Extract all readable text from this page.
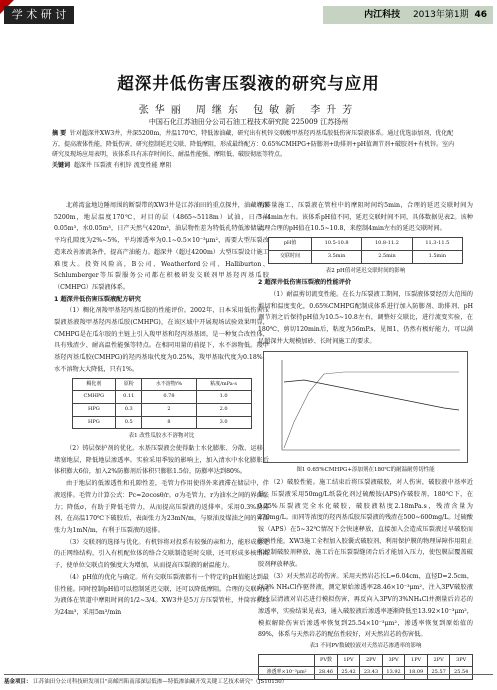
学 术 研 讨	内江科技 2013年第1期 46
超深井低伤害压裂液的研究与应用
张华丽 周继东 包敏新 李升芳
中国石化江苏油田分公司石油工程技术研究院 225009 江苏扬州
摘 要 针对超深井XW3井，井深5200m，井温170℃，特低渗油藏，研究出有机锌交联酸甲基羟丙基瓜胶低伤害压裂液体系。通过优选添加剂，优化配方，提高液体性能，降低伤害，研究控制延迟交联、降低摩阻，形成最终配方：0.65%CMHPG+防膨剂+助排剂+pH值调节剂+破胶剂+有机锌。室内研究及现场应用表明，该体系具有冻存时间长、耐温性能强、摩阻低、破胶彻底等特点。
关键词 超深井 压裂液 有机锌 流变性能 摩阻

北蒋湾盆地边陲周围的断裂带的XW3井是江苏油田的重点探井，油藏埋深5200m，地层温度170℃，对目的层（4865~5118m）试油，日产油0.05m³，水0.05m³，日产天然气420m³，油层物性差为特低孔特低渗储层，平均孔隙度为2%~5%，平均渗透率为0.1~0.5×10⁻³μm²，需要大型压裂改造来改善渗流条件，提高产油能力。超深井（超过4200m）大型压裂设计施工难度大。投资风险高，B公司、Weatherford公司、Halliburton、Schlumberger等压裂服务公司都在积极研发交联剂甲基羟丙基瓜胶（CMHPG）压裂液体系。

1 超深井低伤害压裂液配方研究

（1）稠化剂羧甲基羟丙基瓜胶的性能评价。2002年，日本采用低伤害压裂液基液羧甲基羟丙基瓜胶(CMHPG)，在该区域中开展现场试验效果明显，CMHPG是在瓜尔胶的主链上引入羧甲基和羟丙基基团，是一种复合改性体，具有残渣少、耐高温性能强等特点。在相同用量的前提下，水不溶物低。羧甲基羟丙基瓜胶(CMHPG)的羟丙基取代度为0.25%，羧甲基取代度为0.18%，水不溶物大大降低，只有1%。

稠化剂	原粉	水不溶物/%	粘度/mPa·s
CMHPG	0.11	0.78	1.0
HPG	0.3	2	2.0
HPG	0.5	8	3.0

表1 改性瓜胶水不溶物对比

（2）铸层保护剂的优化。水基压裂液会使得黏土水化膨胀、分散、运移，堵塞地层，降低地层渗透率。实验采用季铵的影响上，加入清水中水化膨胀后体积膨大6倍，加入2%防膨剂后体积只膨胀1.5倍，防膨率达到80%。

由于地层的低渗透性和孔隙性差，毛管力作用使得外来液滞在储层中，伴液返排。毛管力计算公式：Pc=2σcosθ/r。σ为毛管力，r为油水之间的界面张力；降低σ，有助于降低毛管力，从而提高压裂液的返排率。采用0.3%助排剂，在高温170℃下破胶后，表面张力为23mN/m，与原油及煤油之间的界面张力为1mN/m，有利于压裂液的返排。

（3）交联剂的选择与优化。有机锌将对投系有较强的亲和力，能形成稳定的正网络结构，引入有机配位体的络合交联制造延时交联，还可形成多核络离子，使单位交联点的强度大为增加，从而提高压裂液的耐温能力。

（4）pH值的优化与确定。所有交联压裂液都有一个特定的pH值能达到最佳性能。同时控制pH值可以控制延迟交联，还可以降低摩阻。合理的交联时间为液体在管道中摩阻时间的1/2~3/4。XW3井是5万方压裂管柱，井筒容积约为24m³，采用5m³/min

的排量施工，压裂液在管柱中的摩阻时间约5min，合理的延迟交联时间为3~4min左右。该体系pH值不同，延迟交联时间不同，具体数据见表2。该种清理合理的pH值在10.5~10.8，来控制4min左右的延迟交联时间。

pH值	10.5-10.8	10.8-11.2	11.3-11.5
交联时间	3.5min	2.5min	1.5min

表2 pH值对延迟交联时间的影响

2 超深井低伤害压裂液的性能评价

（1）耐温剪切流变性能。在长力压裂液工期间，压裂液体要经历大范围的剪切和温度变化，0.65%CMHPG配制成体系进行加入防膨剂、助排剂、pH调节剂之后保持pH值为10.5~10.8左右，调整好交联比，进行流变实验，在180℃，剪切120min后，粘度为56mP.s，见图1，仍然有极好能力，可以满足超深井大规模加砂、长时间施工的要求。

图1 0.65%CMHPG+添加剂在180℃的耐温耐剪切性能

（2）破胶性能。施工结束后将压裂液破胶，对人伤害，破胶液中基率近低，压裂液采用50mg/L纸袋化剂过硫酸铵(APS)作破胶剂，180℃下，在0.25%压裂液完全水化破胶，破胶液粘度2.18mPa.s，残渣含量为270mg/L。而同等浓度的羟丙基瓜胶压裂液的残渣在500~600mg/L。过硫酸铵（APS）在5~32℃情况下会快速释放，直接加入会造成压裂液过早破胶而影响性能，XW3施工全程加入胶囊式破胶剂，利用保护膜的物理屏障作用阻止和控制破胶剂释放，施工后在压裂裂缝闭合后才能加入压力，使包膜层覆盖破胶剂释放释放。

（3）对天然岩芯的伤害。采用天然岩芯长L=6.04cm，直径D=2.5cm，以3% NH₄Cl作驱替液，测定原始渗透率28.46×10⁻³μm²，注入3PV破胶液的上层清液对岩芯进行模拟伤害，再反向入3PV的3%NH₄Cl并测量后岩芯的渗透率，实验结果见表3，通入破胶液后渗透率逐渐降低至13.92×10⁻³μm²，模拟解除伤害后渗透率恢复到25.54×10⁻³μm²，渗透率恢复到原始值的89%，体系与天然岩芯的配伍性较好，对天然岩芯的伤害低。

表3 不同PV数破胶液对天然岩芯渗透率的影响

	PV数	1PV	2PV	3PV	1PV	2PV	3PV
渗透率×10⁻³μm²	28.46	25.42	23.43	13.92	18.09	25.57	25.54
基金项目： 江苏油田分公司科技研发项目"高邮凹陷南部深层低渗—特低渗油藏开发关键工艺技术研究"（JS10150）
